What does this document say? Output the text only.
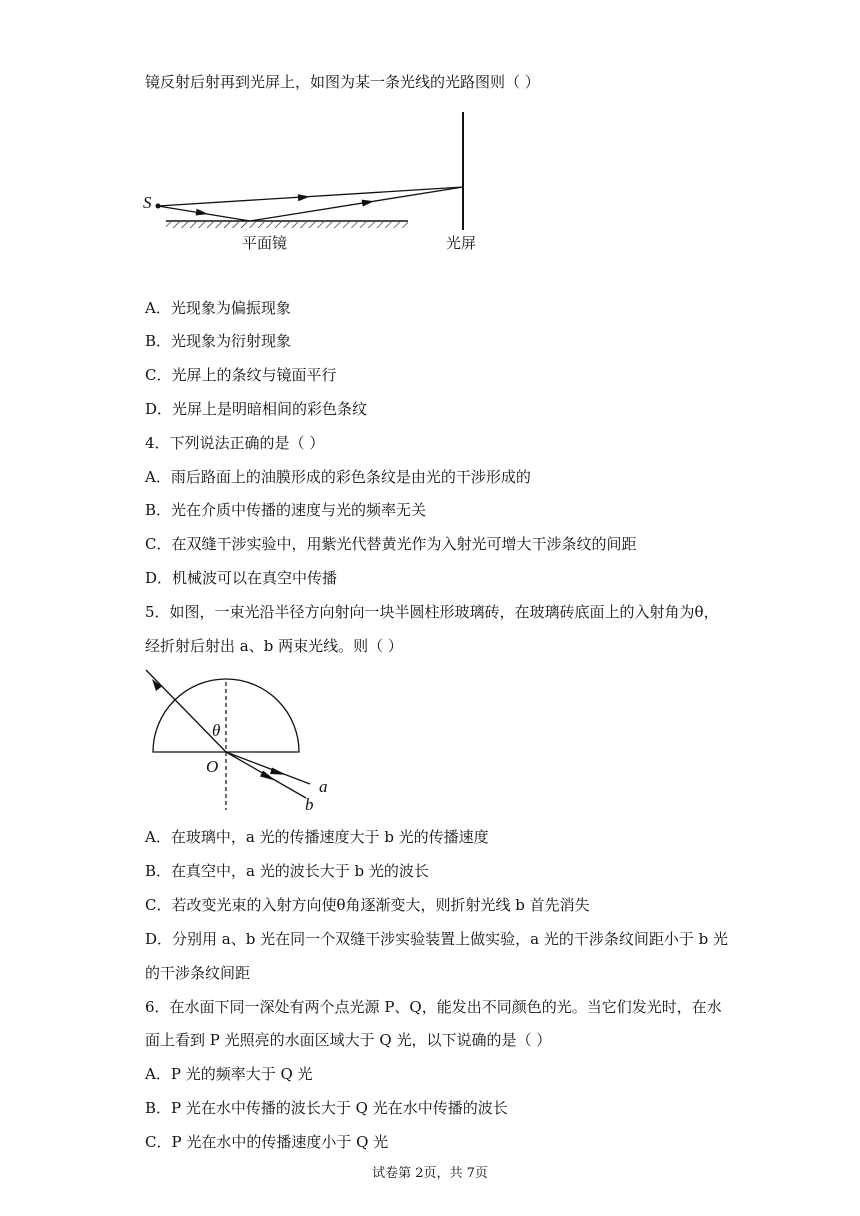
镜反射后射再到光屏上，如图为某一条光线的光路图则（ ）
S
平面镜	光屏
A．光现象为偏振现象
B．光现象为衍射现象
C．光屏上的条纹与镜面平行
D．光屏上是明暗相间的彩色条纹
4．下列说法正确的是（ ）
A．雨后路面上的油膜形成的彩色条纹是由光的干涉形成的
B．光在介质中传播的速度与光的频率无关
C．在双缝干涉实验中，用紫光代替黄光作为入射光可增大干涉条纹的间距
D．机械波可以在真空中传播
5．如图，一束光沿半径方向射向一块半圆柱形玻璃砖，在玻璃砖底面上的入射角为θ，
经折射后射出 a、b 两束光线。则（ ）
θ
O
a
b
A．在玻璃中，a 光的传播速度大于 b 光的传播速度
B．在真空中，a 光的波长大于 b 光的波长
C．若改变光束的入射方向使θ角逐渐变大，则折射光线 b 首先消失
D．分别用 a、b 光在同一个双缝干涉实验装置上做实验，a 光的干涉条纹间距小于 b 光
的干涉条纹间距
6．在水面下同一深处有两个点光源 P、Q，能发出不同颜色的光。当它们发光时，在水
面上看到 P 光照亮的水面区域大于 Q 光，以下说确的是（ ）
A．P 光的频率大于 Q 光
B．P 光在水中传播的波长大于 Q 光在水中传播的波长
C．P 光在水中的传播速度小于 Q 光
试卷第 2页，共 7页
